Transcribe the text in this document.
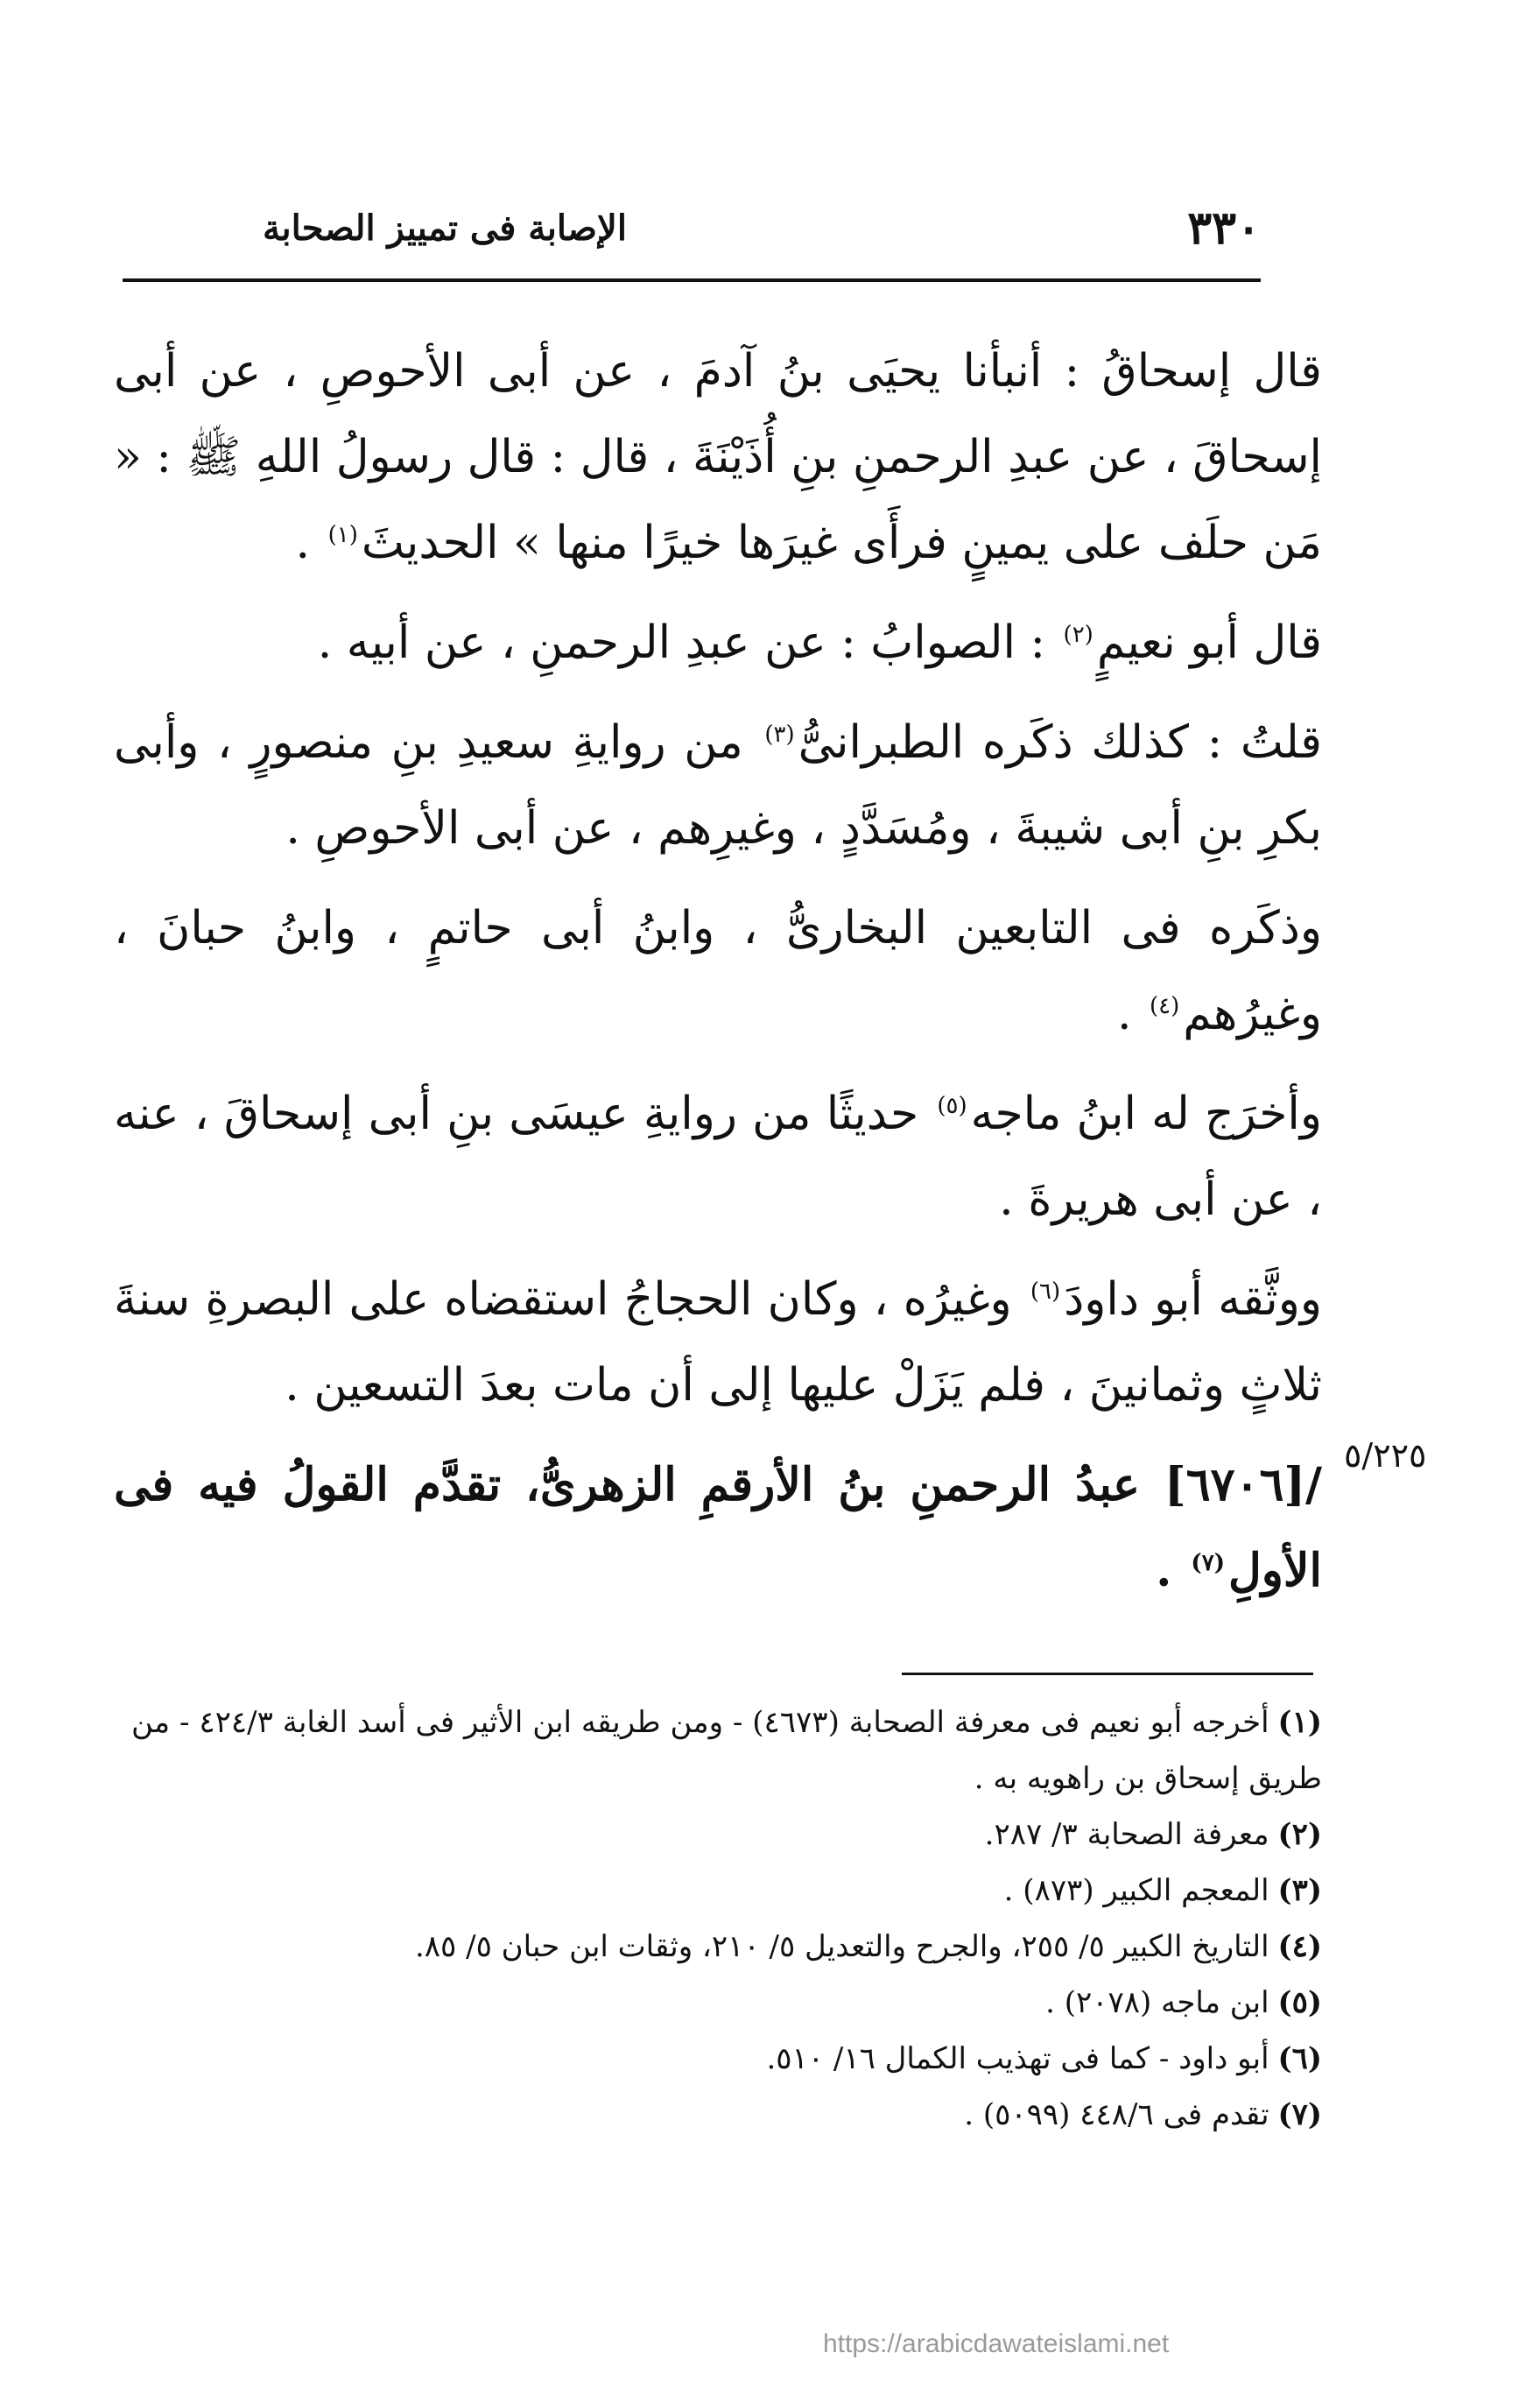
٣٣٠
الإصابة فى تمييز الصحابة

قال إسحاقُ : أنبأنا يحيَى بنُ آدمَ ، عن أبى الأحوصِ ، عن أبى إسحاقَ ، عن عبدِ الرحمنِ بنِ أُذَيْنَةَ ، قال : قال رسولُ اللهِ ﷺ : « مَن حلَف على يمينٍ فرأَى غيرَها خيرًا منها » الحديثَ$^{(١)}$ .

قال أبو نعيمٍ$^{(٢)}$ : الصوابُ : عن عبدِ الرحمنِ ، عن أبيه .

قلتُ : كذلك ذكَره الطبرانىُّ$^{(٣)}$ من روايةِ سعيدِ بنِ منصورٍ ، وأبى بكرِ بنِ أبى شيبةَ ، ومُسَدَّدٍ ، وغيرِهم ، عن أبى الأحوصِ .

وذكَره فى التابعين البخارىُّ ، وابنُ أبى حاتمٍ ، وابنُ حبانَ ، وغيرُهم$^{(٤)}$ .

وأخرَج له ابنُ ماجه$^{(٥)}$ حديثًا من روايةِ عيسَى بنِ أبى إسحاقَ ، عنه ، عن أبى هريرةَ .

ووثَّقه أبو داودَ$^{(٦)}$ وغيرُه ، وكان الحجاجُ استقضاه على البصرةِ سنةَ ثلاثٍ وثمانينَ ، فلم يَزَلْ عليها إلى أن مات بعدَ التسعين .

/[٦٧٠٦] عبدُ الرحمنِ بنُ الأرقمِ الزهرىُّ، تقدَّم القولُ فيه فى الأولِ$^{(٧)}$ .

٥/٢٢٥

(١)أخرجه أبو نعيم فى معرفة الصحابة (٤٦٧٣) - ومن طريقه ابن الأثير فى أسد الغابة ٤٢٤/٣ - من طريق إسحاق بن راهويه به .

(٢)معرفة الصحابة ٣/ ٢٨٧.

(٣)المعجم الكبير (٨٧٣) .

(٤)التاريخ الكبير ٥/ ٢٥٥، والجرح والتعديل ٥/ ٢١٠، وثقات ابن حبان ٥/ ٨٥.

(٥)ابن ماجه (٢٠٧٨) .

(٦)أبو داود - كما فى تهذيب الكمال ١٦/ ٥١٠.

(٧)تقدم فى ٤٤٨/٦ (٥٠٩٩) .

https://arabicdawateislami.net
